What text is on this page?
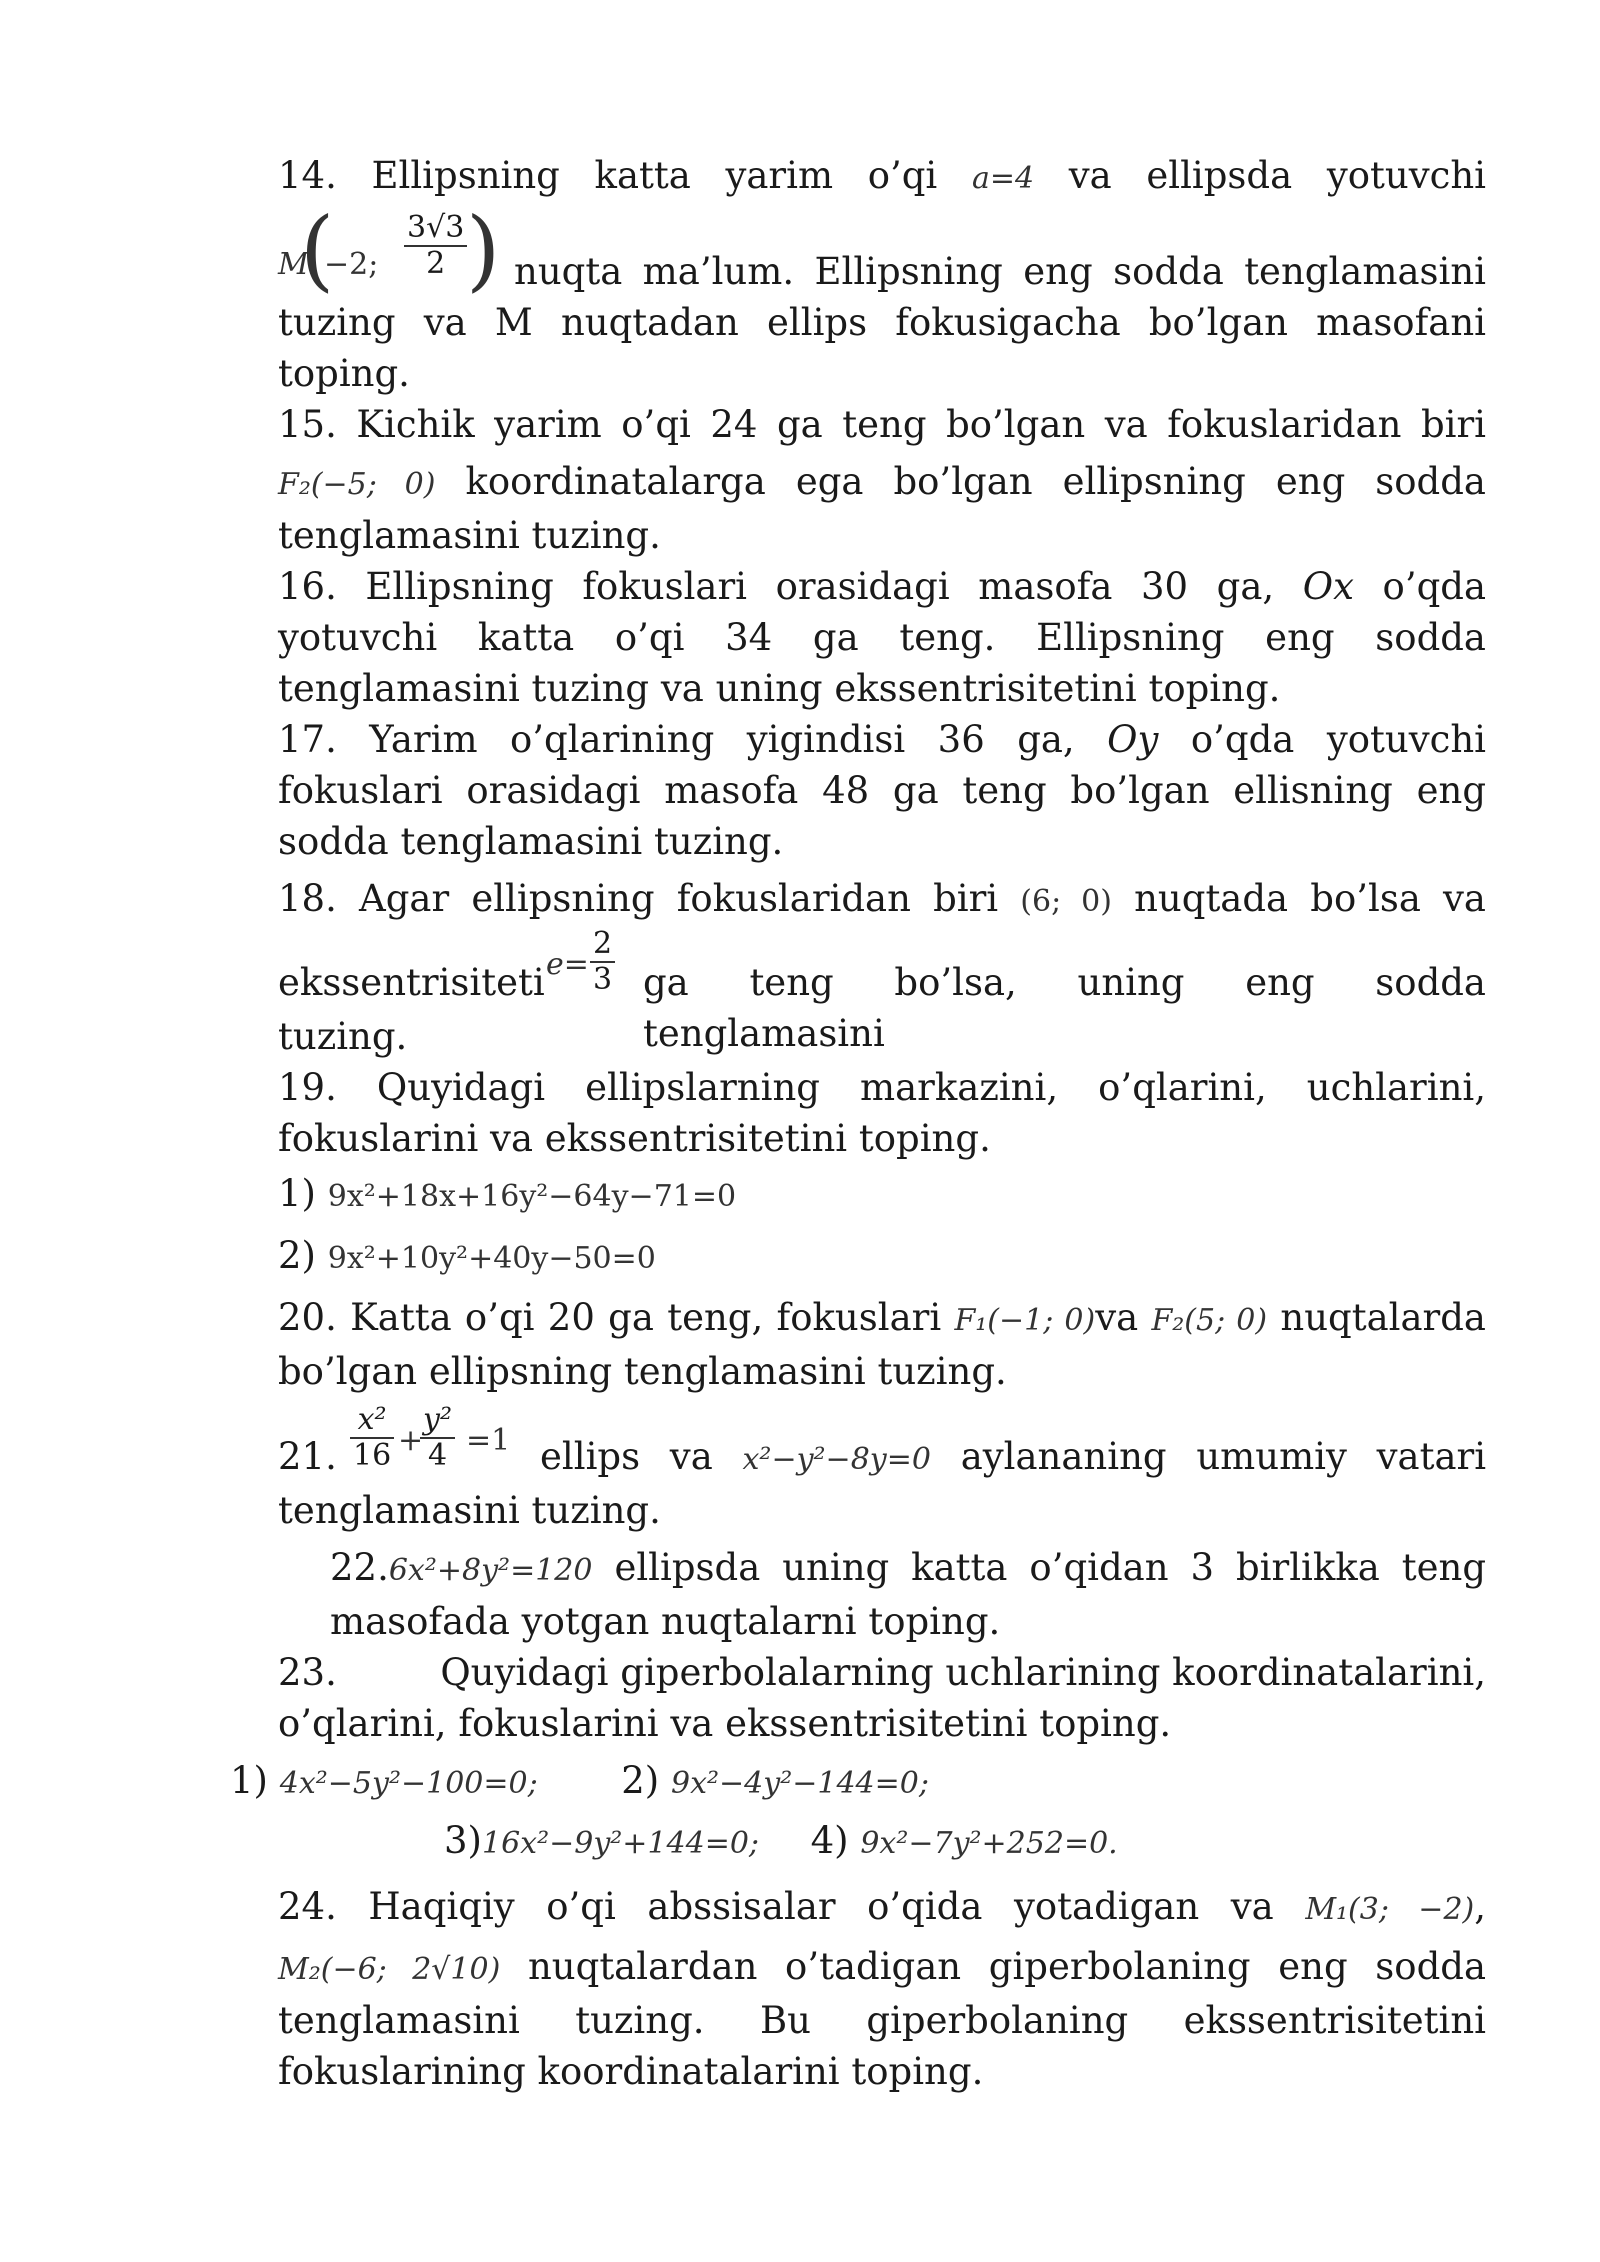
14. Ellipsning katta yarim o’qi a=4 va ellipsda yotuvchi
M
(
−2; $\frac{3√3}{2}$
) nuqta ma’lum. Ellipsning eng sodda tenglamasini
tuzing va M nuqtadan ellips fokusigacha bo’lgan masofani toping.
15. Kichik yarim o’qi 24 ga teng bo’lgan va fokuslaridan biri
F₂(−5; 0) koordinatalarga ega bo’lgan ellipsning eng sodda
tenglamasini tuzing.
16. Ellipsning fokuslari orasidagi masofa 30 ga, Ox o’qda yotuvchi katta o’qi 34 ga teng. Ellipsning eng sodda tenglamasini tuzing va uning ekssentrisitetini toping.
17. Yarim o’qlarining yigindisi 36 ga, Oy o’qda yotuvchi fokuslari orasidagi masofa 48 ga teng bo’lgan ellisning eng sodda tenglamasini tuzing.
18. Agar ellipsning fokuslaridan biri (6; 0) nuqtada bo’lsa va
ekssentrisiteti $e= \frac{2}{3}$ ga teng bo’lsa, uning eng sodda tenglamasini
tuzing.
19. Quyidagi ellipslarning markazini, o’qlarini, uchlarini, fokuslarini va ekssentrisitetini toping.
1) 9x²+18x+16y²−64y−71=0
2) 9x²+10y²+40y−50=0
20. Katta o’qi 20 ga teng, fokuslari F₁(−1; 0)va F₂(5; 0) nuqtalarda
bo’lgan ellipsning tenglamasini tuzing.
21. $\frac{\text{x²}}{16}$ +
$\frac{\text{y²}}{4} =1$ ellips va x²−y²−8y=0 aylananing umumiy vatari
tenglamasini tuzing.
22.6x²+8y²=120 ellipsda uning katta o’qidan 3 birlikka teng
masofada yotgan nuqtalarni toping.
23.	Quyidagi giperbolalarning uchlarining koordinatalarini,
o’qlarini, fokuslarini va ekssentrisitetini toping.
1) 4x²−5y²−100=0; 2) 9x²−4y²−144=0;
3)16x²−9y²+144=0; 4) 9x²−7y²+252=0.
24. Haqiqiy o’qi abssisalar o’qida yotadigan va M₁(3; −2),
M₂(−6; 2√10) nuqtalardan o’tadigan giperbolaning eng sodda
tenglamasini tuzing. Bu giperbolaning ekssentrisitetini
fokuslarining koordinatalarini toping.
